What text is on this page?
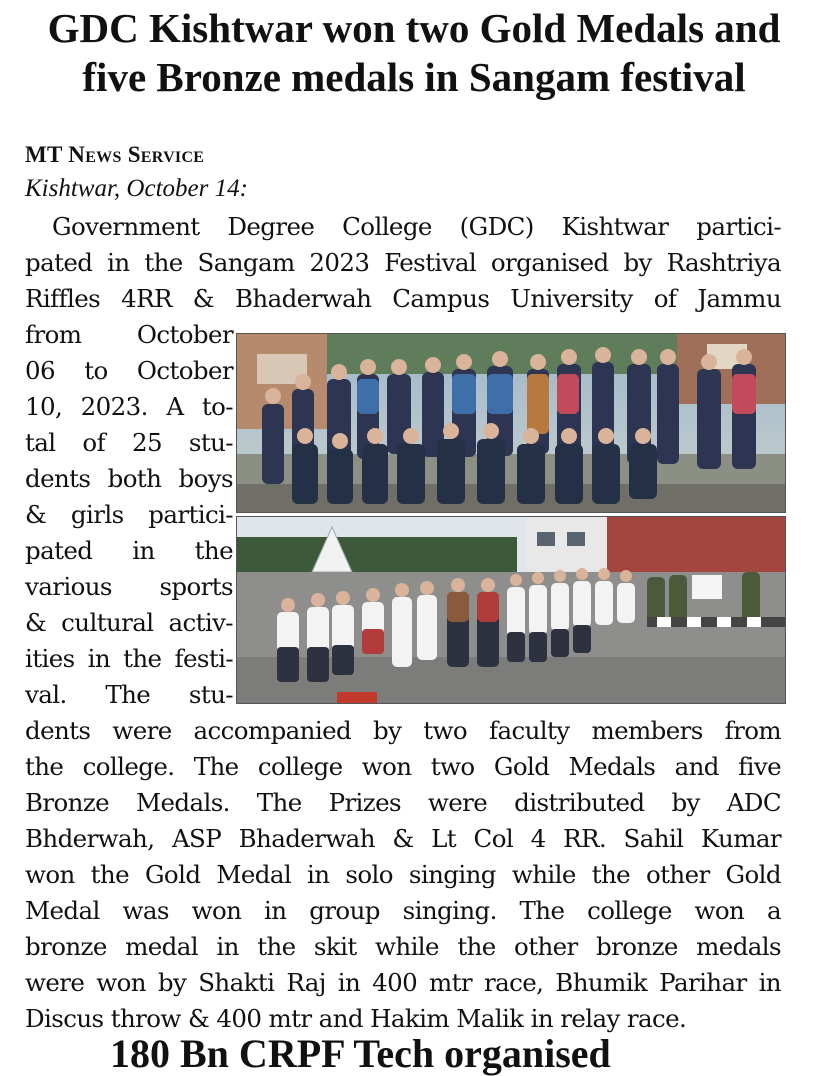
GDC Kishtwar won two Gold Medals and
five Bronze medals in Sangam festival
MT News Service
Kishtwar, October 14:
Government Degree College (GDC) Kishtwar partici-
pated in the Sangam 2023 Festival organised by Rashtriya
Riffles 4RR & Bhaderwah Campus University of Jammu
from October
06 to October
10, 2023. A to-
tal of 25 stu-
dents both boys
& girls partici-
pated in the
various sports
& cultural activ-
ities in the festi-
val. The stu-
dents were accompanied by two faculty members from
the college. The college won two Gold Medals and five
Bronze Medals. The Prizes were distributed by ADC
Bhderwah, ASP Bhaderwah & Lt Col 4 RR. Sahil Kumar
won the Gold Medal in solo singing while the other Gold
Medal was won in group singing. The college won a
bronze medal in the skit while the other bronze medals
were won by Shakti Raj in 400 mtr race, Bhumik Parihar in
Discus throw & 400 mtr and Hakim Malik in relay race.
180 Bn CRPF Tech organised
